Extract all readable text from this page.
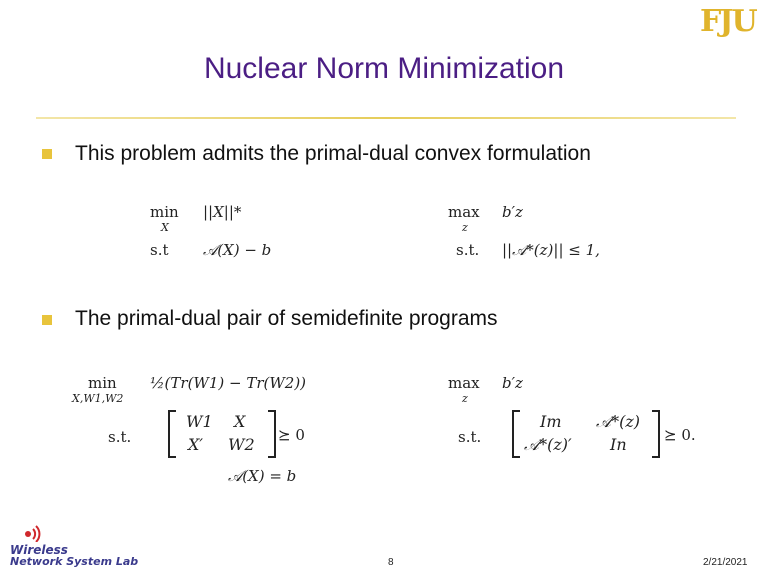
FJU
Nuclear Norm Minimization
This problem admits the primal-dual convex formulation
min
X
||X||*
s.t 𝒜(X) − b
max
z
b′z
s.t. ||𝒜*(z)|| ≤ 1,
The primal-dual pair of semidefinite programs
min
X,W1,W2
½(Tr(W1) − Tr(W2))
s.t.
W1 X
X′ W2 ⪰ 0
𝒜(X) = b
max
z
b′z
s.t.
Im 𝒜*(z)
𝒜*(z)′ In ⪰ 0.
Wireless
Network System Lab	8	2/21/2021
